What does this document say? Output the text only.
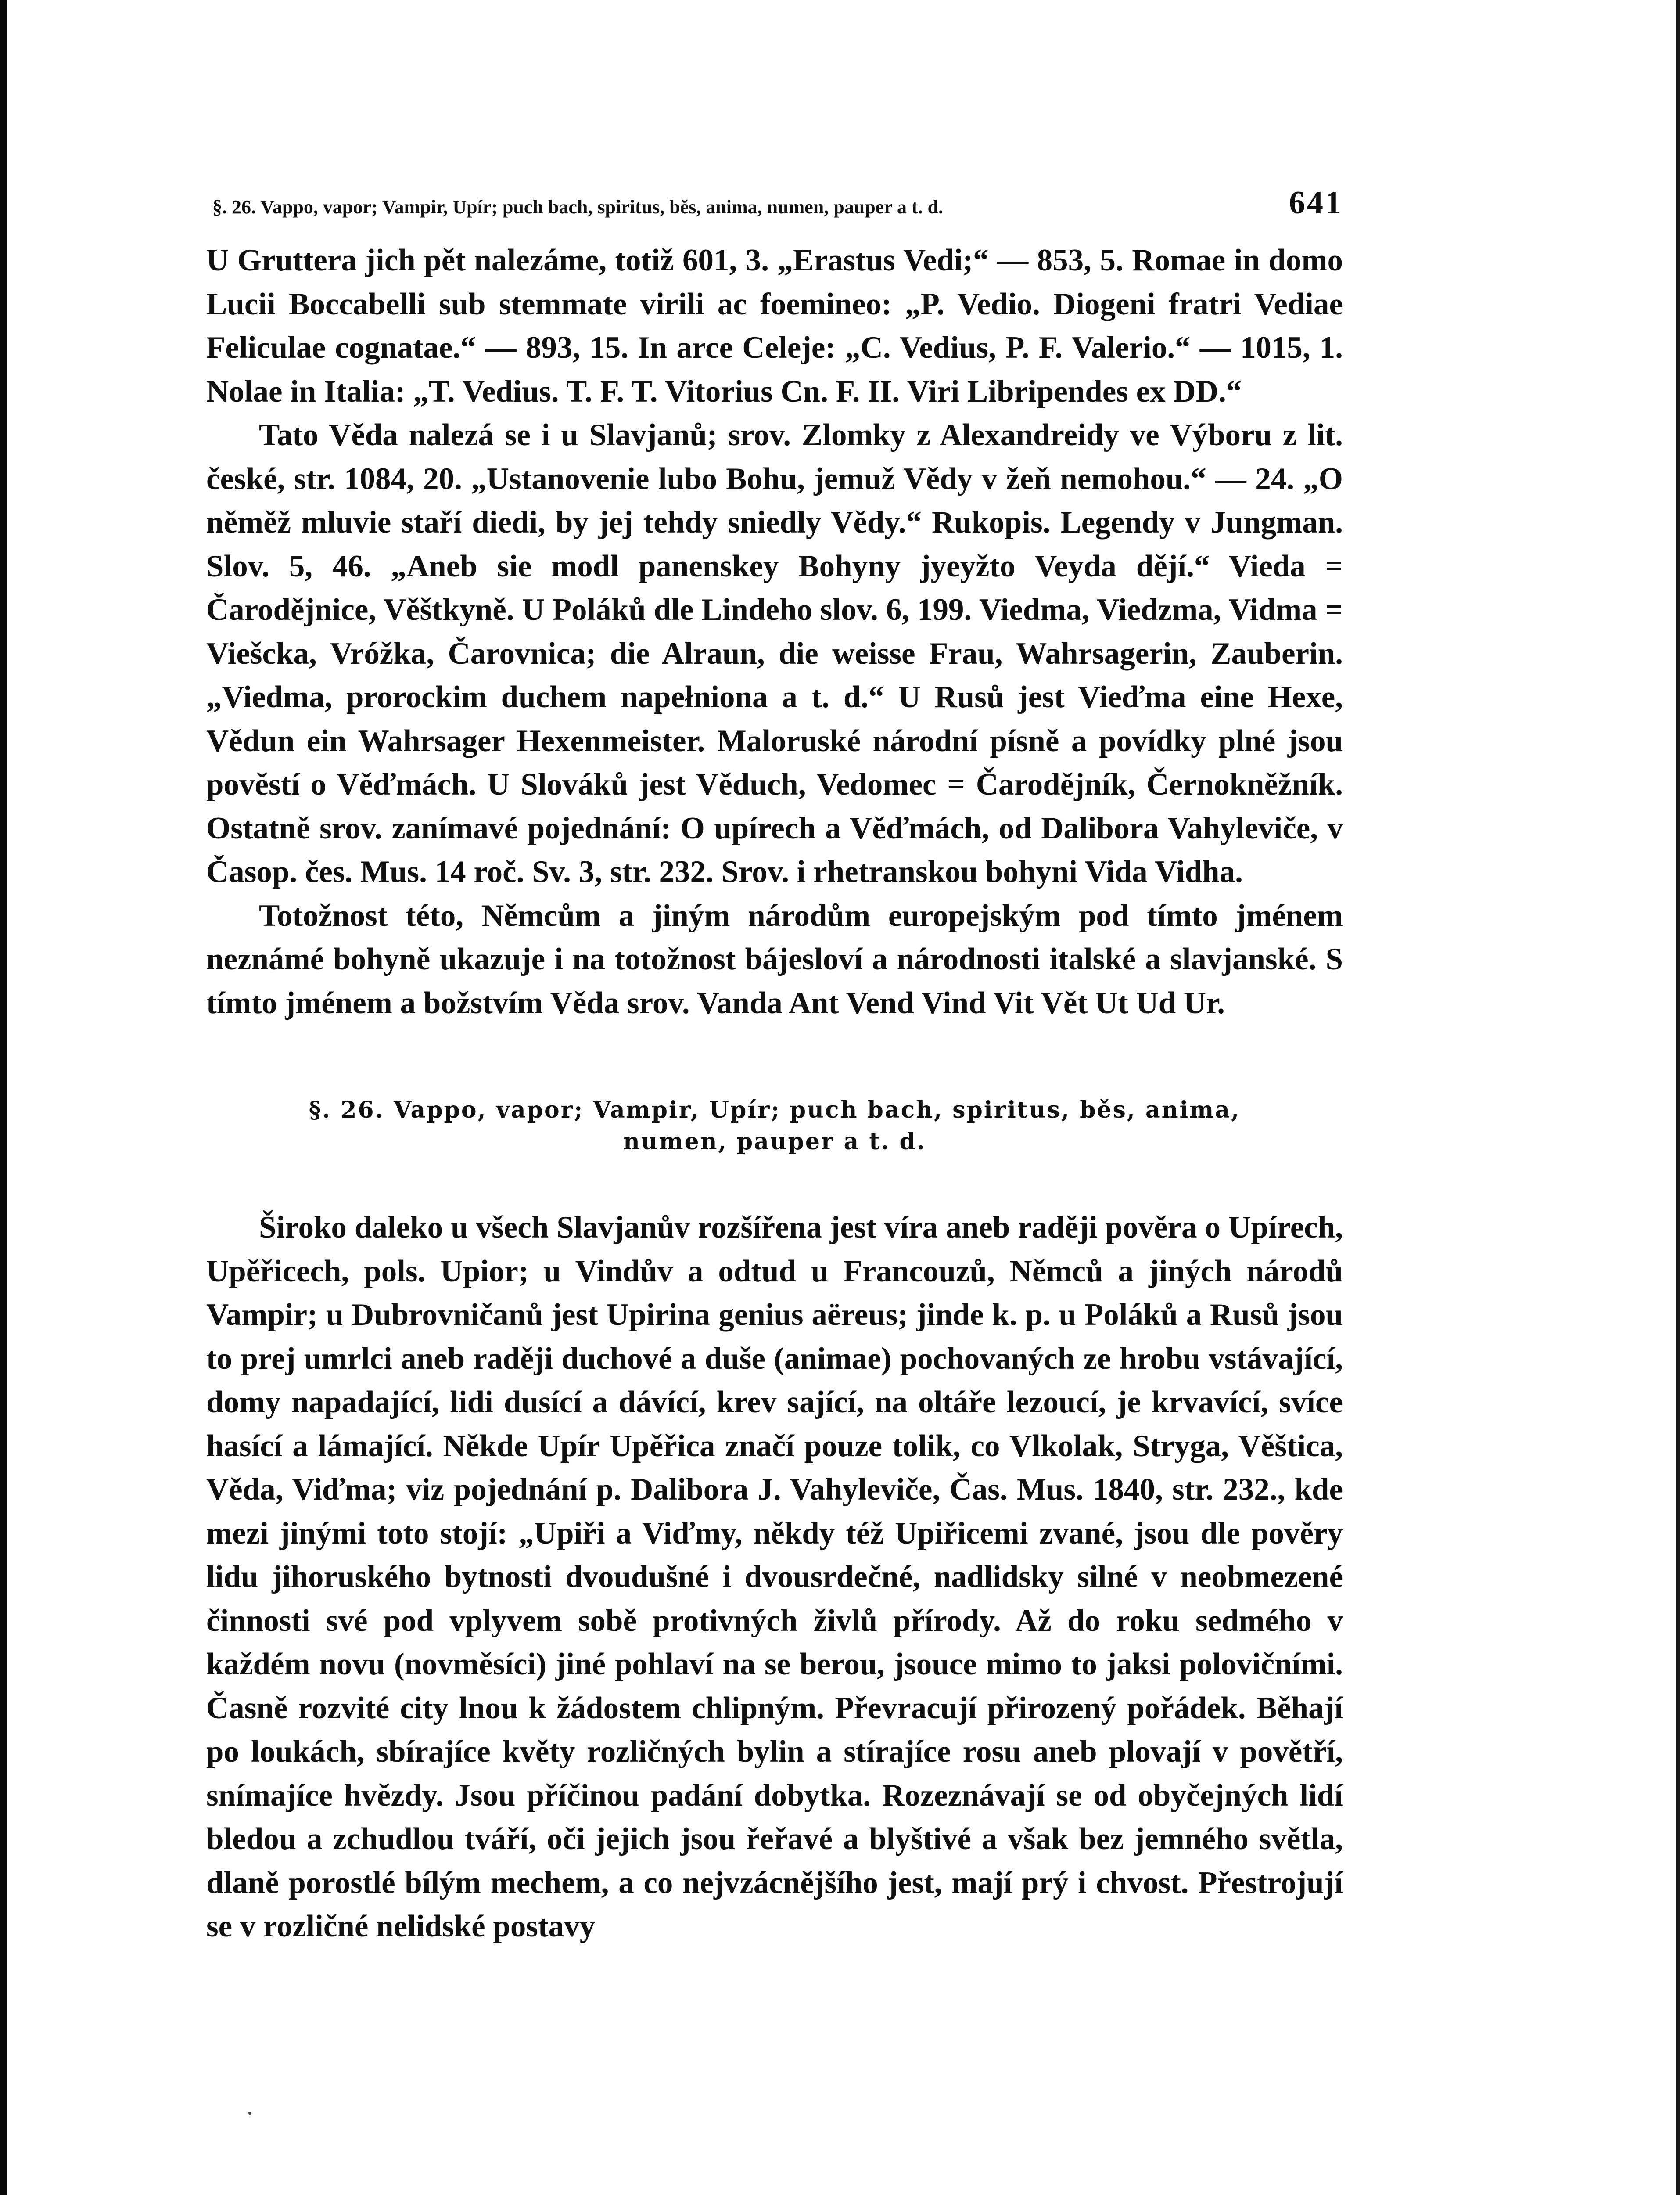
§. 26. Vappo, vapor; Vampir, Upír; puch bach, spiritus, běs, anima, numen, pauper a t. d.	641

U Gruttera jich pět nalezáme, totiž 601, 3. „Erastus Vedi;“ — 853, 5. Romae in domo Lucii Boccabelli sub stemmate virili ac foemineo: „P. Vedio. Diogeni fratri Vediae Feliculae cognatae.“ — 893, 15. In arce Celeje: „C. Vedius, P. F. Valerio.“ — 1015, 1. Nolae in Italia: „T. Vedius. T. F. T. Vitorius Cn. F. II. Viri Libripendes ex DD.“

Tato Věda nalezá se i u Slavjanů; srov. Zlomky z Alexandreidy ve Výboru z lit. české, str. 1084, 20. „Ustanovenie lubo Bohu, jemuž Vědy v žeň nemohou.“ — 24. „O něměž mluvie staří diedi, by jej tehdy sniedly Vědy.“ Rukopis. Legendy v Jungman. Slov. 5, 46. „Aneb sie modl panenskey Bohyny jyeyžto Veyda dějí.“ Vieda = Čarodějnice, Věštkyně. U Poláků dle Lindeho slov. 6, 199. Viedma, Viedzma, Vidma = Viešcka, Vróžka, Čarovnica; die Alraun, die weisse Frau, Wahrsagerin, Zauberin. „Viedma, prorockim duchem napełniona a t. d.“ U Rusů jest Vieďma eine Hexe, Vědun ein Wahrsager Hexenmeister. Maloruské národní písně a povídky plné jsou pověstí o Věďmách. U Slováků jest Věduch, Vedomec = Čarodějník, Černokněžník. Ostatně srov. zanímavé pojednání: O upírech a Věďmách, od Dalibora Vahyleviče, v Časop. čes. Mus. 14 roč. Sv. 3, str. 232. Srov. i rhetranskou bohyni Vida Vidha.

Totožnost této, Němcům a jiným národům europejským pod tímto jménem neznámé bohyně ukazuje i na totožnost bájesloví a národnosti italské a slavjanské. S tímto jménem a božstvím Věda srov. Vanda Ant Vend Vind Vit Vět Ut Ud Ur.

§. 26. Vappo, vapor; Vampir, Upír; puch bach, spiritus, běs, anima,

numen, pauper a t. d.

Široko daleko u všech Slavjanův rozšířena jest víra aneb raději pověra o Upírech, Upěřicech, pols. Upior; u Vindův a odtud u Francouzů, Němců a jiných národů Vampir; u Dubrovničanů jest Upirina genius aëreus; jinde k. p. u Poláků a Rusů jsou to prej umrlci aneb raději duchové a duše (animae) pochovaných ze hrobu vstávající, domy napadající, lidi dusící a dávící, krev sající, na oltáře lezoucí, je krvavící, svíce hasící a lámající. Někde Upír Upěřica značí pouze tolik, co Vlkolak, Stryga, Věštica, Věda, Viďma; viz pojednání p. Dalibora J. Vahyleviče, Čas. Mus. 1840, str. 232., kde mezi jinými toto stojí: „Upiři a Viďmy, někdy též Upiřicemi zvané, jsou dle pověry lidu jihoruského bytnosti dvoudušné i dvousrdečné, nadlidsky silné v neobmezené činnosti své pod vplyvem sobě protivných živlů přírody. Až do roku sedmého v každém novu (novměsíci) jiné pohlaví na se berou, jsouce mimo to jaksi polovičními. Časně rozvité city lnou k žádostem chlipným. Převracují přirozený pořádek. Běhají po loukách, sbírajíce květy rozličných bylin a stírajíce rosu aneb plovají v povětří, snímajíce hvězdy. Jsou příčinou padání dobytka. Rozeznávají se od obyčejných lidí bledou a zchudlou tváří, oči jejich jsou řeřavé a blyštivé a však bez jemného světla, dlaně porostlé bílým mechem, a co nejvzácnějšího jest, mají prý i chvost. Přestrojují se v rozličné nelidské postavy
